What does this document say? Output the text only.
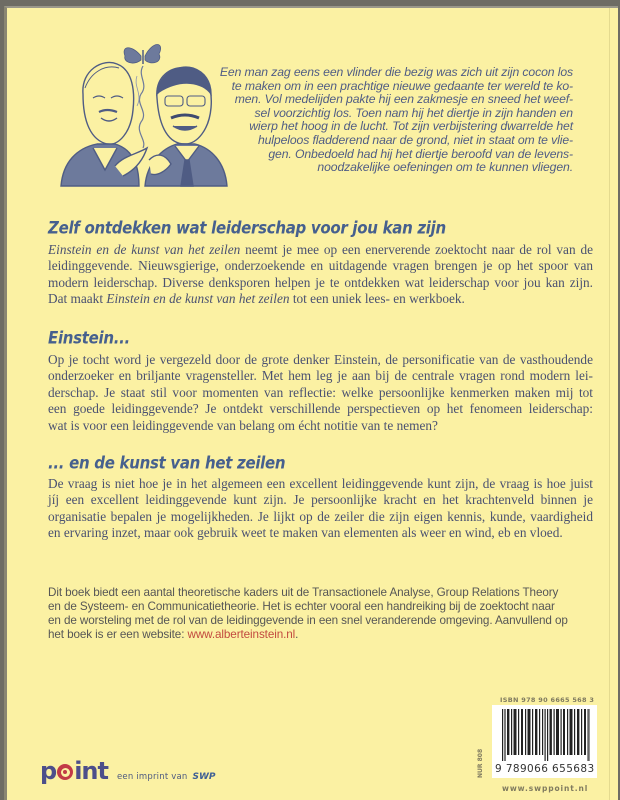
Een man zag eens een vlinder die bezig was zich uit zijn cocon los
te maken om in een prachtige nieuwe gedaante ter wereld te ko-
men. Vol medelijden pakte hij een zakmesje en sneed het weef-
sel voorzichtig los. Toen nam hij het diertje in zijn handen en
wierp het hoog in de lucht. Tot zijn verbijstering dwarrelde het
hulpeloos fladderend naar de grond, niet in staat om te vlie-
gen. Onbedoeld had hij het diertje beroofd van de levens-
noodzakelijke oefeningen om te kunnen vliegen.
Zelf ontdekken wat leiderschap voor jou kan zijn
Einstein en de kunst van het zeilen neemt je mee op een enerverende zoektocht naar de rol van de
leidinggevende. Nieuwsgierige, onderzoekende en uitdagende vragen brengen je op het spoor van
modern leiderschap. Diverse denksporen helpen je te ontdekken wat leiderschap voor jou kan zijn.
Dat maakt Einstein en de kunst van het zeilen tot een uniek lees- en werkboek.
Einstein...
Op je tocht word je vergezeld door de grote denker Einstein, de personificatie van de vasthoudende
onderzoeker en briljante vragensteller. Met hem leg je aan bij de centrale vragen rond modern lei-
derschap. Je staat stil voor momenten van reflectie: welke persoonlijke kenmerken maken mij tot
een goede leidinggevende? Je ontdekt verschillende perspectieven op het fenomeen leiderschap:
wat is voor een leidinggevende van belang om écht notitie van te nemen?
... en de kunst van het zeilen
De vraag is niet hoe je in het algemeen een excellent leidinggevende kunt zijn, de vraag is hoe juist
jíj een excellent leidinggevende kunt zijn. Je persoonlijke kracht en het krachtenveld binnen je
organisatie bepalen je mogelijkheden. Je lijkt op de zeiler die zijn eigen kennis, kunde, vaardigheid
en ervaring inzet, maar ook gebruik weet te maken van elementen als weer en wind, eb en vloed.
Dit boek biedt een aantal theoretische kaders uit de Transactionele Analyse, Group Relations Theory
en de Systeem- en Communicatietheorie. Het is echter vooral een handreiking bij de zoektocht naar
en de worsteling met de rol van de leidinggevende in een snel veranderende omgeving. Aanvullend op
het boek is er een website: www.alberteinstein.nl.
ISBN 978 90 6665 568 3
9 789066 655683
NUR 808
www.swppoint.nl
p int een imprint van SWP
